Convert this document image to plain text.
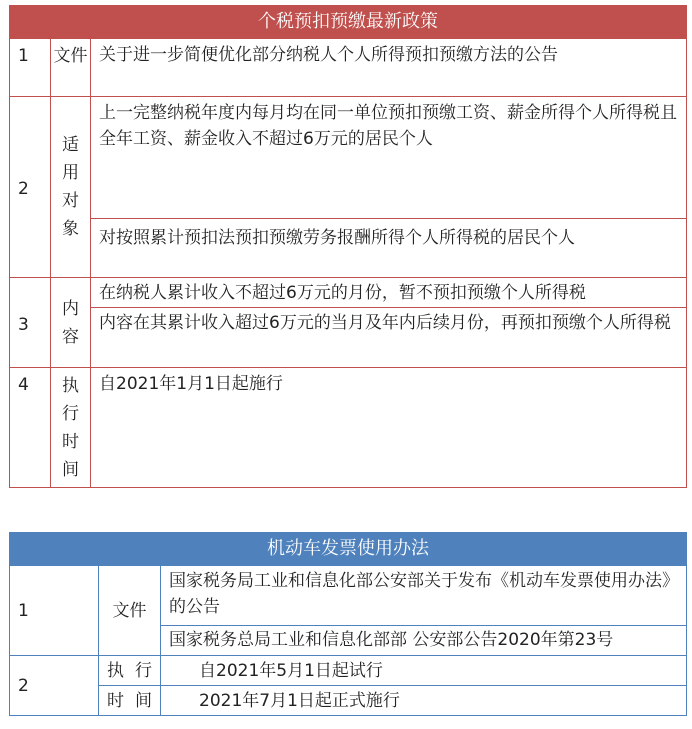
个税预扣预缴最新政策		
1	文件	关于进一步简便优化部分纳税人个人所得预扣预缴方法的公告
2	适用对象	上一完整纳税年度内每月均在同一单位预扣预缴工资、薪金所得个人所得税且全年工资、薪金收入不超过6万元的居民个人
		对按照累计预扣法预扣预缴劳务报酬所得个人所得税的居民个人
3	内容	在纳税人累计收入不超过6万元的月份，暂不预扣预缴个人所得税
		内容在其累计收入超过6万元的当月及年内后续月份，再预扣预缴个人所得税
4	执行时间	自2021年1月1日起施行
机动车发票使用办法		
1	文件	国家税务局工业和信息化部公安部关于发布《机动车发票使用办法》的公告
		国家税务总局工业和信息化部部 公安部公告2020年第23号
2	执行	自2021年5月1日起试行
	时间	2021年7月1日起正式施行
